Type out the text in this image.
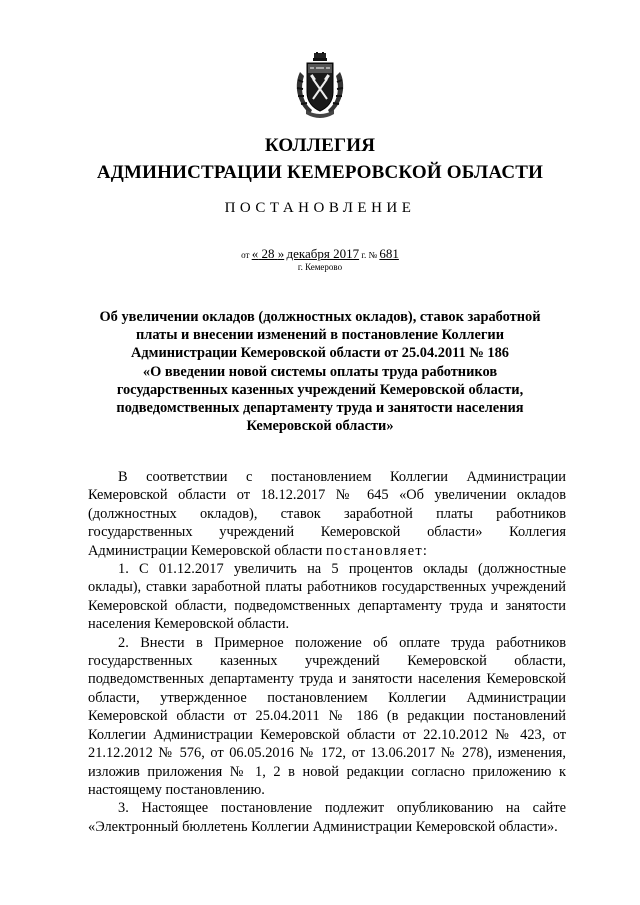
КОЛЛЕГИЯ
АДМИНИСТРАЦИИ КЕМЕРОВСКОЙ ОБЛАСТИ
ПОСТАНОВЛЕНИЕ
от « 28 » декабря 2017 г. № 681
г. Кемерово
Об увеличении окладов (должностных окладов), ставок заработной
платы и внесении изменений в постановление Коллегии
Администрации Кемеровской области от 25.04.2011 № 186
«О введении новой системы оплаты труда работников
государственных казенных учреждений Кемеровской области,
подведомственных департаменту труда и занятости населения
Кемеровской области»

В соответствии с постановлением Коллегии Администрации Кемеровской области от 18.12.2017 № 645 «Об увеличении окладов (должностных окладов), ставок заработной платы работников государственных учреждений Кемеровской области» Коллегия Администрации Кемеровской области постановляет:

1. С 01.12.2017 увеличить на 5 процентов оклады (должностные оклады), ставки заработной платы работников государственных учреждений Кемеровской области, подведомственных департаменту труда и занятости населения Кемеровской области.

2. Внести в Примерное положение об оплате труда работников государственных казенных учреждений Кемеровской области, подведомственных департаменту труда и занятости населения Кемеровской области, утвержденное постановлением Коллегии Администрации Кемеровской области от 25.04.2011 № 186 (в редакции постановлений Коллегии Администрации Кемеровской области от 22.10.2012 № 423, от 21.12.2012 № 576, от 06.05.2016 № 172, от 13.06.2017 № 278), изменения, изложив приложения № 1, 2 в новой редакции согласно приложению к настоящему постановлению.

3. Настоящее постановление подлежит опубликованию на сайте «Электронный бюллетень Коллегии Администрации Кемеровской области».
